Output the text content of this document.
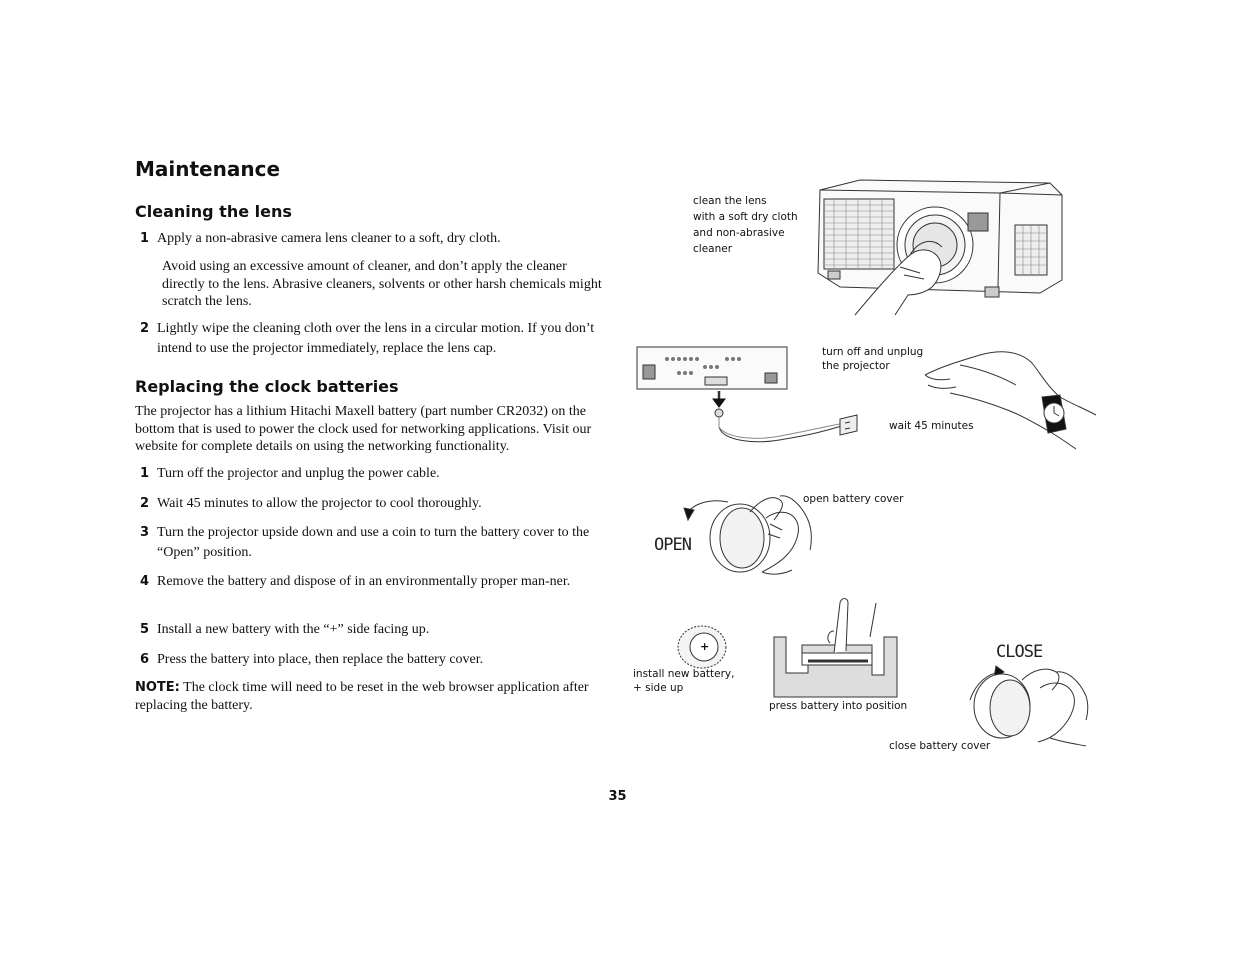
Maintenance
Cleaning the lens
1 Apply a non-abrasive camera lens cleaner to a soft, dry cloth.
Avoid using an excessive amount of cleaner, and don’t apply the cleaner directly to the lens. Abrasive cleaners, solvents or other harsh chemicals might scratch the lens.
2 Lightly wipe the cleaning cloth over the lens in a circular motion. If you don’t intend to use the projector immediately, replace the lens cap.
Replacing the clock batteries
The projector has a lithium Hitachi Maxell battery (part number CR2032) on the bottom that is used to power the clock used for networking applications. Visit our website for complete details on using the networking functionality.
1 Turn off the projector and unplug the power cable.
2 Wait 45 minutes to allow the projector to cool thoroughly.
3 Turn the projector upside down and use a coin to turn the battery cover to the “Open” position.
4 Remove the battery and dispose of in an environmentally proper man-ner.
5 Install a new battery with the “+” side facing up.
6 Press the battery into place, then replace the battery cover.
NOTE: The clock time will need to be reset in the web browser application after replacing the battery.
clean the lens
with a soft dry cloth
and non-abrasive
cleaner
turn off and unplug
the projector
wait 45 minutes
OPEN
open battery cover
+
install new battery,
+ side up
press battery into position
CLOSE
close battery cover
35
